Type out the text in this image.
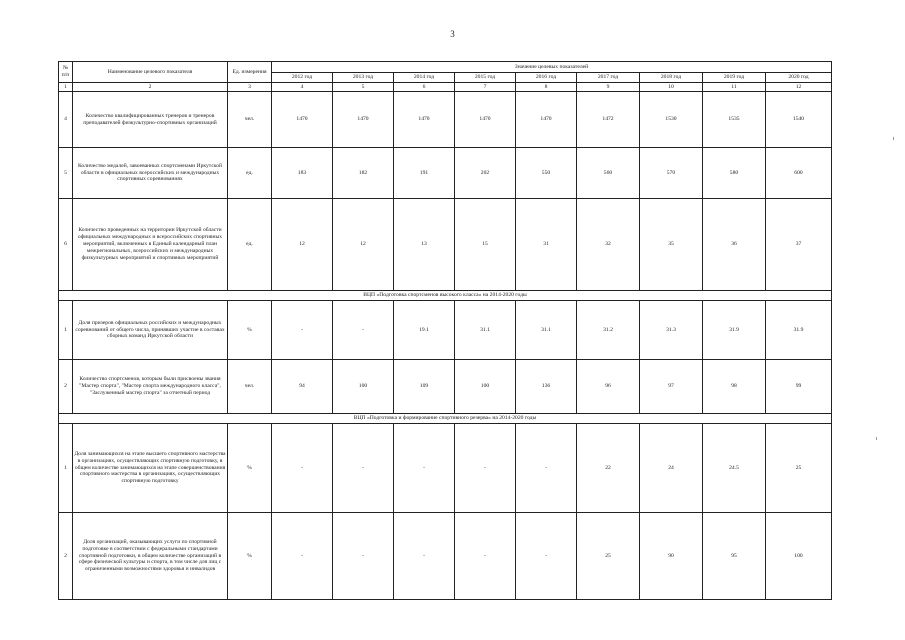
3
№ п/п	Наименование целевого показателя	Ед. измерения	Значение целевых показателей								
			2012 год	2013 год	2014 год	2015 год	2016 год	2017 год	2018 год	2019 год	2020 год
1	2	3	4	5	6	7	8	9	10	11	12
4	Количество квалифицированных тренеров и тренеров преподавателей физкультурно-спортивных организаций	чел.	1470	1470	1470	1470	1470	1472	1530	1535	1540
5	Количество медалей, завоеванных спортсменами Иркутской области в официальных всероссийских и международных спортивных соревнованиях	ед.	183	182	191	202	550	560	570	580	600
6	Количество проведенных на территории Иркутской области официальных международных и всероссийских спортивных мероприятий, включенных в Единый календарный план межрегиональных, всероссийских и международных физкультурных мероприятий и спортивных мероприятий	ед.	12	12	13	15	31	32	35	36	37
ВЦП «Подготовка спортсменов высокого класса» на 2014-2020 годы											
1	Доля призеров официальных российских и международных соревнований от общего числа, принявших участие в составах сборных команд Иркутской области	%	-	-	19.1	31.1	31.1	31.2	31.3	31.9	31.9
2	Количество спортсменов, которым были присвоены звания "Мастер спорта", "Мастер спорта международного класса", "Заслуженный мастер спорта" за отчетный период	чел.	94	100	109	100	136	96	97	98	99
ВЦП «Подготовка и формирование спортивного резерва» на 2014-2020 годы											
1	Доля занимающихся на этапе высшего спортивного мастерства в организациях, осуществляющих спортивную подготовку, в общем количестве занимающихся на этапе совершенствования спортивного мастерства в организациях, осуществляющих спортивную подготовку	%	-	-	-	-	-	22	24	24.5	25
2	Доля организаций, оказывающих услуги по спортивной подготовке в соответствии с федеральными стандартами спортивной подготовки, в общем количестве организаций в сфере физической культуры и спорта, в том числе для лиц с ограниченными возможностями здоровья и инвалидов	%	-	-	-	-	-	25	90	95	100
